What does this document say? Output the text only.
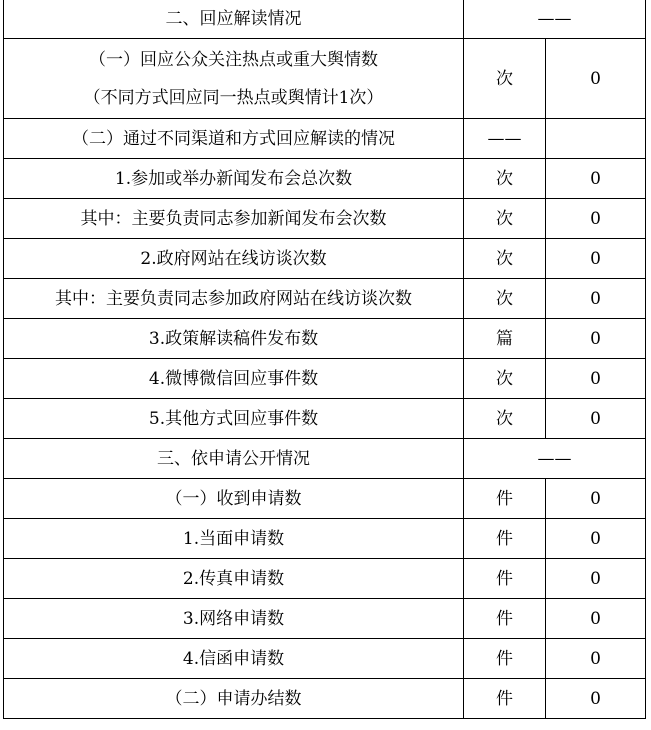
二、回应解读情况	——	

（一）回应公众关注热点或重大舆情数
（不同方式回应同一热点或舆情计1次）	次	0
（二）通过不同渠道和方式回应解读的情况	——	
1.参加或举办新闻发布会总次数	次	0
其中：主要负责同志参加新闻发布会次数	次	0
2.政府网站在线访谈次数	次	0
其中：主要负责同志参加政府网站在线访谈次数	次	0
3.政策解读稿件发布数	篇	0
4.微博微信回应事件数	次	0
5.其他方式回应事件数	次	0
三、依申请公开情况	——	
（一）收到申请数	件	0
1.当面申请数	件	0
2.传真申请数	件	0
3.网络申请数	件	0
4.信函申请数	件	0
（二）申请办结数	件	0
